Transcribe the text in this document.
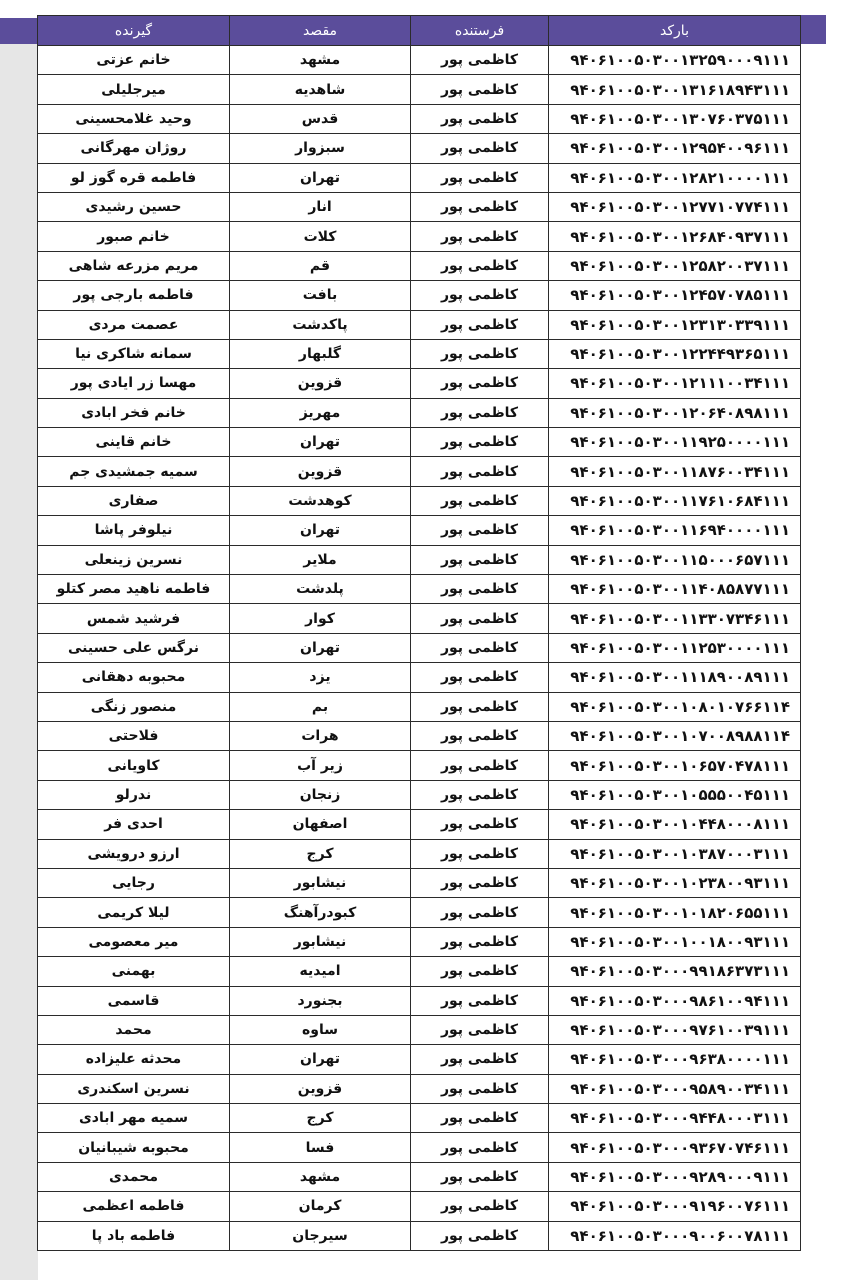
گیرنده	مقصد	فرستنده	بارکد
خانم عزتی	مشهد	کاظمی پور	۹۴۰۶۱۰۰۵۰۳۰۰۱۳۲۵۹۰۰۰۹۱۱۱
میرجلیلی	شاهدیه	کاظمی پور	۹۴۰۶۱۰۰۵۰۳۰۰۱۳۱۶۱۸۹۴۳۱۱۱
وحید غلامحسینی	قدس	کاظمی پور	۹۴۰۶۱۰۰۵۰۳۰۰۱۳۰۷۶۰۳۷۵۱۱۱
روژان مهرگانی	سبزوار	کاظمی پور	۹۴۰۶۱۰۰۵۰۳۰۰۱۲۹۵۴۰۰۹۶۱۱۱
فاطمه قره گوز لو	تهران	کاظمی پور	۹۴۰۶۱۰۰۵۰۳۰۰۱۲۸۲۱۰۰۰۰۱۱۱
حسین رشیدی	انار	کاظمی پور	۹۴۰۶۱۰۰۵۰۳۰۰۱۲۷۷۱۰۷۷۴۱۱۱
خانم صبور	کلات	کاظمی پور	۹۴۰۶۱۰۰۵۰۳۰۰۱۲۶۸۴۰۹۳۷۱۱۱
مریم مزرعه شاهی	قم	کاظمی پور	۹۴۰۶۱۰۰۵۰۳۰۰۱۲۵۸۲۰۰۳۷۱۱۱
فاطمه بارجی پور	بافت	کاظمی پور	۹۴۰۶۱۰۰۵۰۳۰۰۱۲۴۵۷۰۷۸۵۱۱۱
عصمت مردی	پاکدشت	کاظمی پور	۹۴۰۶۱۰۰۵۰۳۰۰۱۲۳۱۳۰۳۳۹۱۱۱
سمانه شاکری نیا	گلبهار	کاظمی پور	۹۴۰۶۱۰۰۵۰۳۰۰۱۲۲۴۴۹۳۶۵۱۱۱
مهسا زر ایادی پور	قزوین	کاظمی پور	۹۴۰۶۱۰۰۵۰۳۰۰۱۲۱۱۱۰۰۳۴۱۱۱
خانم فخر ابادی	مهریز	کاظمی پور	۹۴۰۶۱۰۰۵۰۳۰۰۱۲۰۶۴۰۸۹۸۱۱۱
خانم قاینی	تهران	کاظمی پور	۹۴۰۶۱۰۰۵۰۳۰۰۱۱۹۲۵۰۰۰۰۱۱۱
سمیه جمشیدی جم	قزوین	کاظمی پور	۹۴۰۶۱۰۰۵۰۳۰۰۱۱۸۷۶۰۰۳۴۱۱۱
صفاری	کوهدشت	کاظمی پور	۹۴۰۶۱۰۰۵۰۳۰۰۱۱۷۶۱۰۶۸۴۱۱۱
نیلوفر پاشا	تهران	کاظمی پور	۹۴۰۶۱۰۰۵۰۳۰۰۱۱۶۹۴۰۰۰۰۱۱۱
نسرین زینعلی	ملایر	کاظمی پور	۹۴۰۶۱۰۰۵۰۳۰۰۱۱۵۰۰۰۶۵۷۱۱۱
فاطمه ناهید مصر کتلو	پلدشت	کاظمی پور	۹۴۰۶۱۰۰۵۰۳۰۰۱۱۴۰۸۵۸۷۷۱۱۱
فرشید شمس	کوار	کاظمی پور	۹۴۰۶۱۰۰۵۰۳۰۰۱۱۳۳۰۷۳۴۶۱۱۱
نرگس علی حسینی	تهران	کاظمی پور	۹۴۰۶۱۰۰۵۰۳۰۰۱۱۲۵۳۰۰۰۰۱۱۱
محبوبه دهقانی	یزد	کاظمی پور	۹۴۰۶۱۰۰۵۰۳۰۰۱۱۱۸۹۰۰۸۹۱۱۱
منصور زنگی	بم	کاظمی پور	۹۴۰۶۱۰۰۵۰۳۰۰۱۰۸۰۱۰۷۶۶۱۱۴
فلاحتی	هرات	کاظمی پور	۹۴۰۶۱۰۰۵۰۳۰۰۱۰۷۰۰۸۹۸۸۱۱۴
کاویانی	زیر آب	کاظمی پور	۹۴۰۶۱۰۰۵۰۳۰۰۱۰۶۵۷۰۴۷۸۱۱۱
ندرلو	زنجان	کاظمی پور	۹۴۰۶۱۰۰۵۰۳۰۰۱۰۵۵۵۰۰۴۵۱۱۱
احدی فر	اصفهان	کاظمی پور	۹۴۰۶۱۰۰۵۰۳۰۰۱۰۴۴۸۰۰۰۸۱۱۱
ارزو درویشی	کرج	کاظمی پور	۹۴۰۶۱۰۰۵۰۳۰۰۱۰۳۸۷۰۰۰۳۱۱۱
رجایی	نیشابور	کاظمی پور	۹۴۰۶۱۰۰۵۰۳۰۰۱۰۲۳۸۰۰۹۳۱۱۱
لیلا کریمی	کبودرآهنگ	کاظمی پور	۹۴۰۶۱۰۰۵۰۳۰۰۱۰۱۸۲۰۶۵۵۱۱۱
میر معصومی	نیشابور	کاظمی پور	۹۴۰۶۱۰۰۵۰۳۰۰۱۰۰۱۸۰۰۹۳۱۱۱
بهمنی	امیدیه	کاظمی پور	۹۴۰۶۱۰۰۵۰۳۰۰۰۹۹۱۸۶۳۷۳۱۱۱
قاسمی	بجنورد	کاظمی پور	۹۴۰۶۱۰۰۵۰۳۰۰۰۹۸۶۱۰۰۹۴۱۱۱
محمد	ساوه	کاظمی پور	۹۴۰۶۱۰۰۵۰۳۰۰۰۹۷۶۱۰۰۳۹۱۱۱
محدثه علیزاده	تهران	کاظمی پور	۹۴۰۶۱۰۰۵۰۳۰۰۰۹۶۳۸۰۰۰۰۱۱۱
نسرین اسکندری	قزوین	کاظمی پور	۹۴۰۶۱۰۰۵۰۳۰۰۰۹۵۸۹۰۰۳۴۱۱۱
سمیه مهر ابادی	کرج	کاظمی پور	۹۴۰۶۱۰۰۵۰۳۰۰۰۹۴۴۸۰۰۰۳۱۱۱
محبوبه شیبانیان	فسا	کاظمی پور	۹۴۰۶۱۰۰۵۰۳۰۰۰۹۳۶۷۰۷۴۶۱۱۱
محمدی	مشهد	کاظمی پور	۹۴۰۶۱۰۰۵۰۳۰۰۰۹۲۸۹۰۰۰۹۱۱۱
فاطمه اعظمی	کرمان	کاظمی پور	۹۴۰۶۱۰۰۵۰۳۰۰۰۹۱۹۶۰۰۷۶۱۱۱
فاطمه باد پا	سیرجان	کاظمی پور	۹۴۰۶۱۰۰۵۰۳۰۰۰۹۰۰۶۰۰۷۸۱۱۱
